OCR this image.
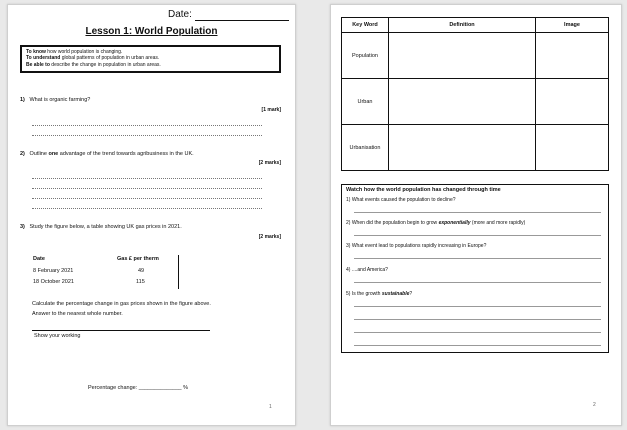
Date:
Lesson 1: World Population
To know how world population is changing.
To understand global patterns of population in urban areas.
Be able to describe the change in population in urban areas.
1) What is organic farming?
[1 mark]
2) Outline one advantage of the trend towards agribusiness in the UK.
[2 marks]
3) Study the figure below, a table showing UK gas prices in 2021.
[2 marks]
Date	Gas £ per therm
8 February 2021	49
18 October 2021	115
Calculate the percentage change in gas prices shown in the figure above.
Answer to the nearest whole number.
Show your working
Percentage change: ______________ %
1
Key Word	Definition	Image
Population		
Urban		
Urbanisation		
Watch how the world population has changed through time
1) What events caused the population to decline?
2) When did the population begin to grow exponentially (more and more rapidly)
3) What event lead to populations rapidly increasing in Europe?
4) ....and America?
5) Is the growth sustainable?
2
